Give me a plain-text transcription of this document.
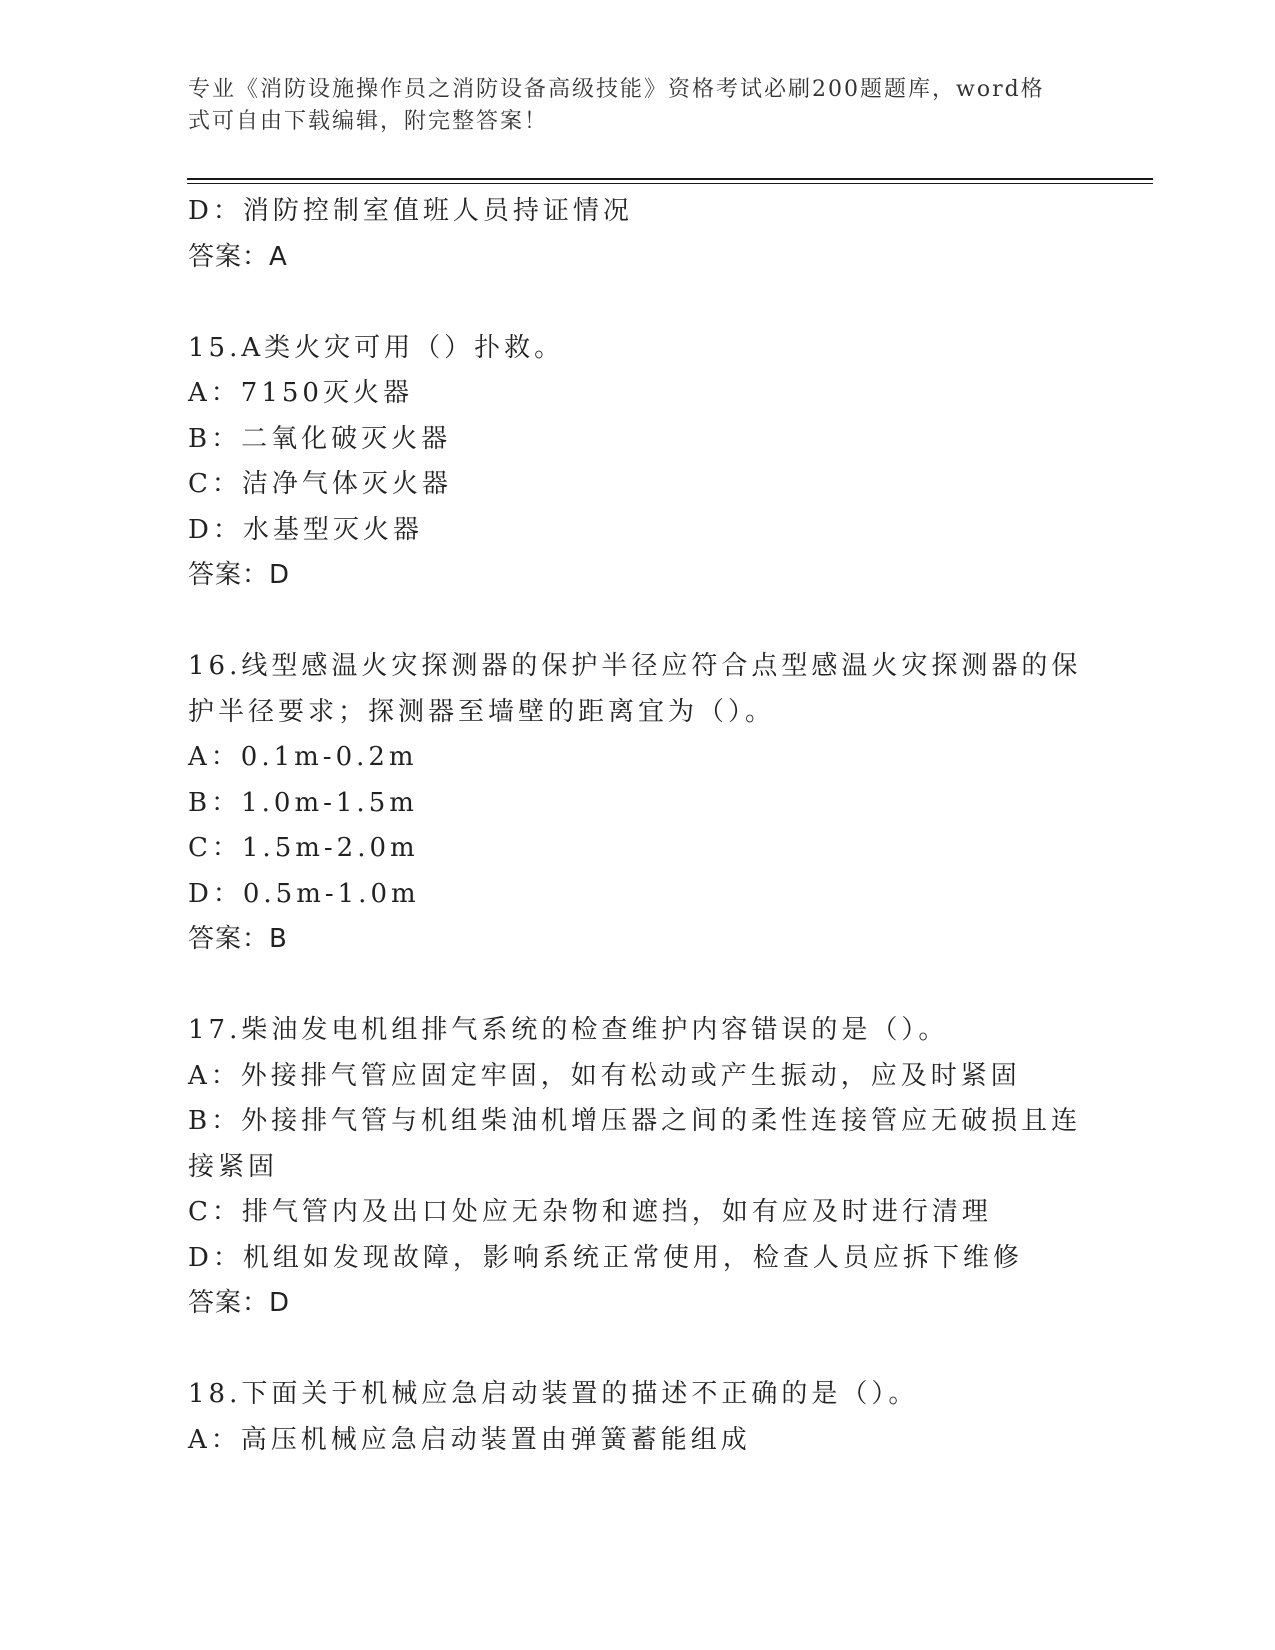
专业《消防设施操作员之消防设备高级技能》资格考试必刷200题题库，word格式可自由下载编辑，附完整答案！
D：消防控制室值班人员持证情况
答案：A
15.A类火灾可用（）扑救。
A：7150灭火器
B：二氧化破灭火器
C：洁净气体灭火器
D：水基型灭火器
答案：D
16.线型感温火灾探测器的保护半径应符合点型感温火灾探测器的保护半径要求；探测器至墙壁的距离宜为（）。
A：0.1m-0.2m
B：1.0m-1.5m
C：1.5m-2.0m
D：0.5m-1.0m
答案：B
17.柴油发电机组排气系统的检查维护内容错误的是（）。
A：外接排气管应固定牢固，如有松动或产生振动，应及时紧固
B：外接排气管与机组柴油机增压器之间的柔性连接管应无破损且连接紧固
C：排气管内及出口处应无杂物和遮挡，如有应及时进行清理
D：机组如发现故障，影响系统正常使用，检查人员应拆下维修
答案：D
18.下面关于机械应急启动装置的描述不正确的是（）。
A：高压机械应急启动装置由弹簧蓄能组成
